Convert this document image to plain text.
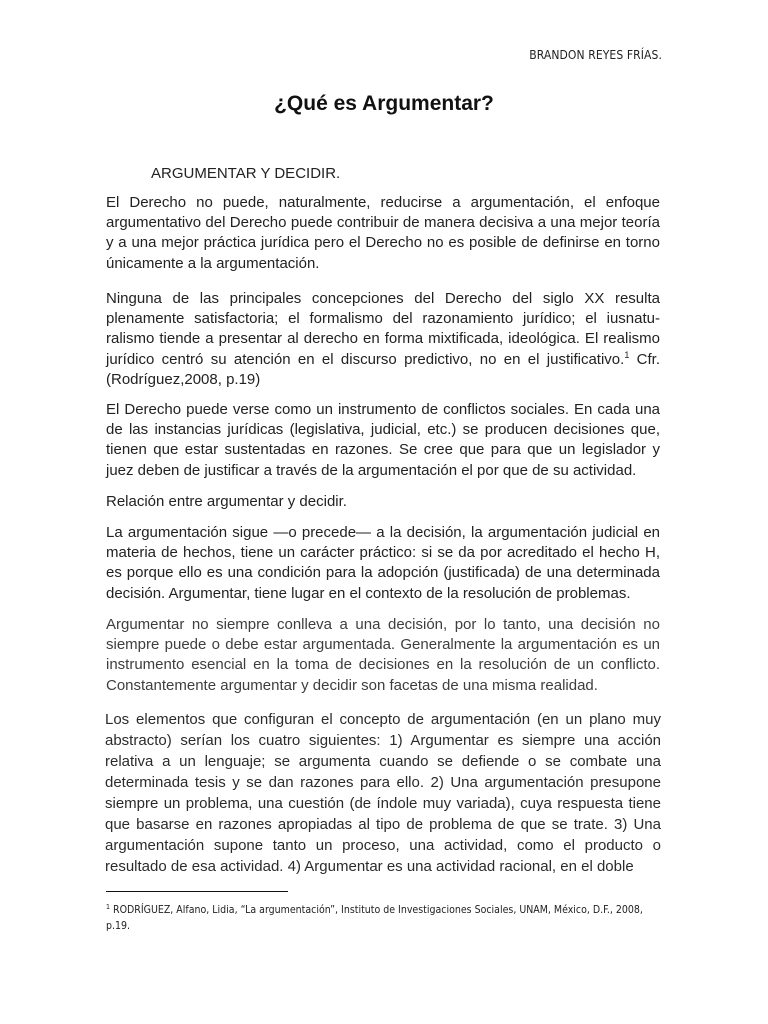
BRANDON REYES FRÍAS.
¿Qué es Argumentar?
ARGUMENTAR Y DECIDIR.

El Derecho no puede, naturalmente, reducirse a argumentación, el enfoque argumentativo del Derecho puede contribuir de manera decisiva a una mejor teoría y a una mejor práctica jurídica pero el Derecho no es posible de definirse en torno únicamente a la argumentación.

Ninguna de las principales concepciones del Derecho del siglo XX resulta plenamente satisfactoria; el formalismo del razonamiento jurídico; el iusnatu-ralismo tiende a presentar al derecho en forma mixtificada, ideológica. El realismo jurídico centró su atención en el discurso predictivo, no en el justificativo.$^1$ Cfr. (Rodríguez,2008, p.19)

El Derecho puede verse como un instrumento de conflictos sociales. En cada una de las instancias jurídicas (legislativa, judicial, etc.) se producen decisiones que, tienen que estar sustentadas en razones. Se cree que para que un legislador y juez deben de justificar a través de la argumentación el por que de su actividad.

Relación entre argumentar y decidir.

La argumentación sigue —o precede— a la decisión, la argumentación judicial en materia de hechos, tiene un carácter práctico: si se da por acreditado el hecho H, es porque ello es una condición para la adopción (justificada) de una determinada decisión. Argumentar, tiene lugar en el contexto de la resolución de problemas.

Argumentar no siempre conlleva a una decisión, por lo tanto, una decisión no siempre puede o debe estar argumentada. Generalmente la argumentación es un instrumento esencial en la toma de decisiones en la resolución de un conflicto. Constantemente argumentar y decidir son facetas de una misma realidad.

Los elementos que configuran el concepto de argumentación (en un plano muy abstracto) serían los cuatro siguientes: 1) Argumentar es siempre una acción relativa a un lenguaje; se argumenta cuando se defiende o se combate una determinada tesis y se dan razones para ello. 2) Una argumentación presupone siempre un problema, una cuestión (de índole muy variada), cuya respuesta tiene que basarse en razones apropiadas al tipo de problema de que se trate. 3) Una argumentación supone tanto un proceso, una actividad, como el producto o resultado de esa actividad. 4) Argumentar es una actividad racional, en el doble

$^1$ RODRÍGUEZ, Alfano, Lidia, “La argumentación”, Instituto de Investigaciones Sociales, UNAM, México, D.F., 2008, p.19.
